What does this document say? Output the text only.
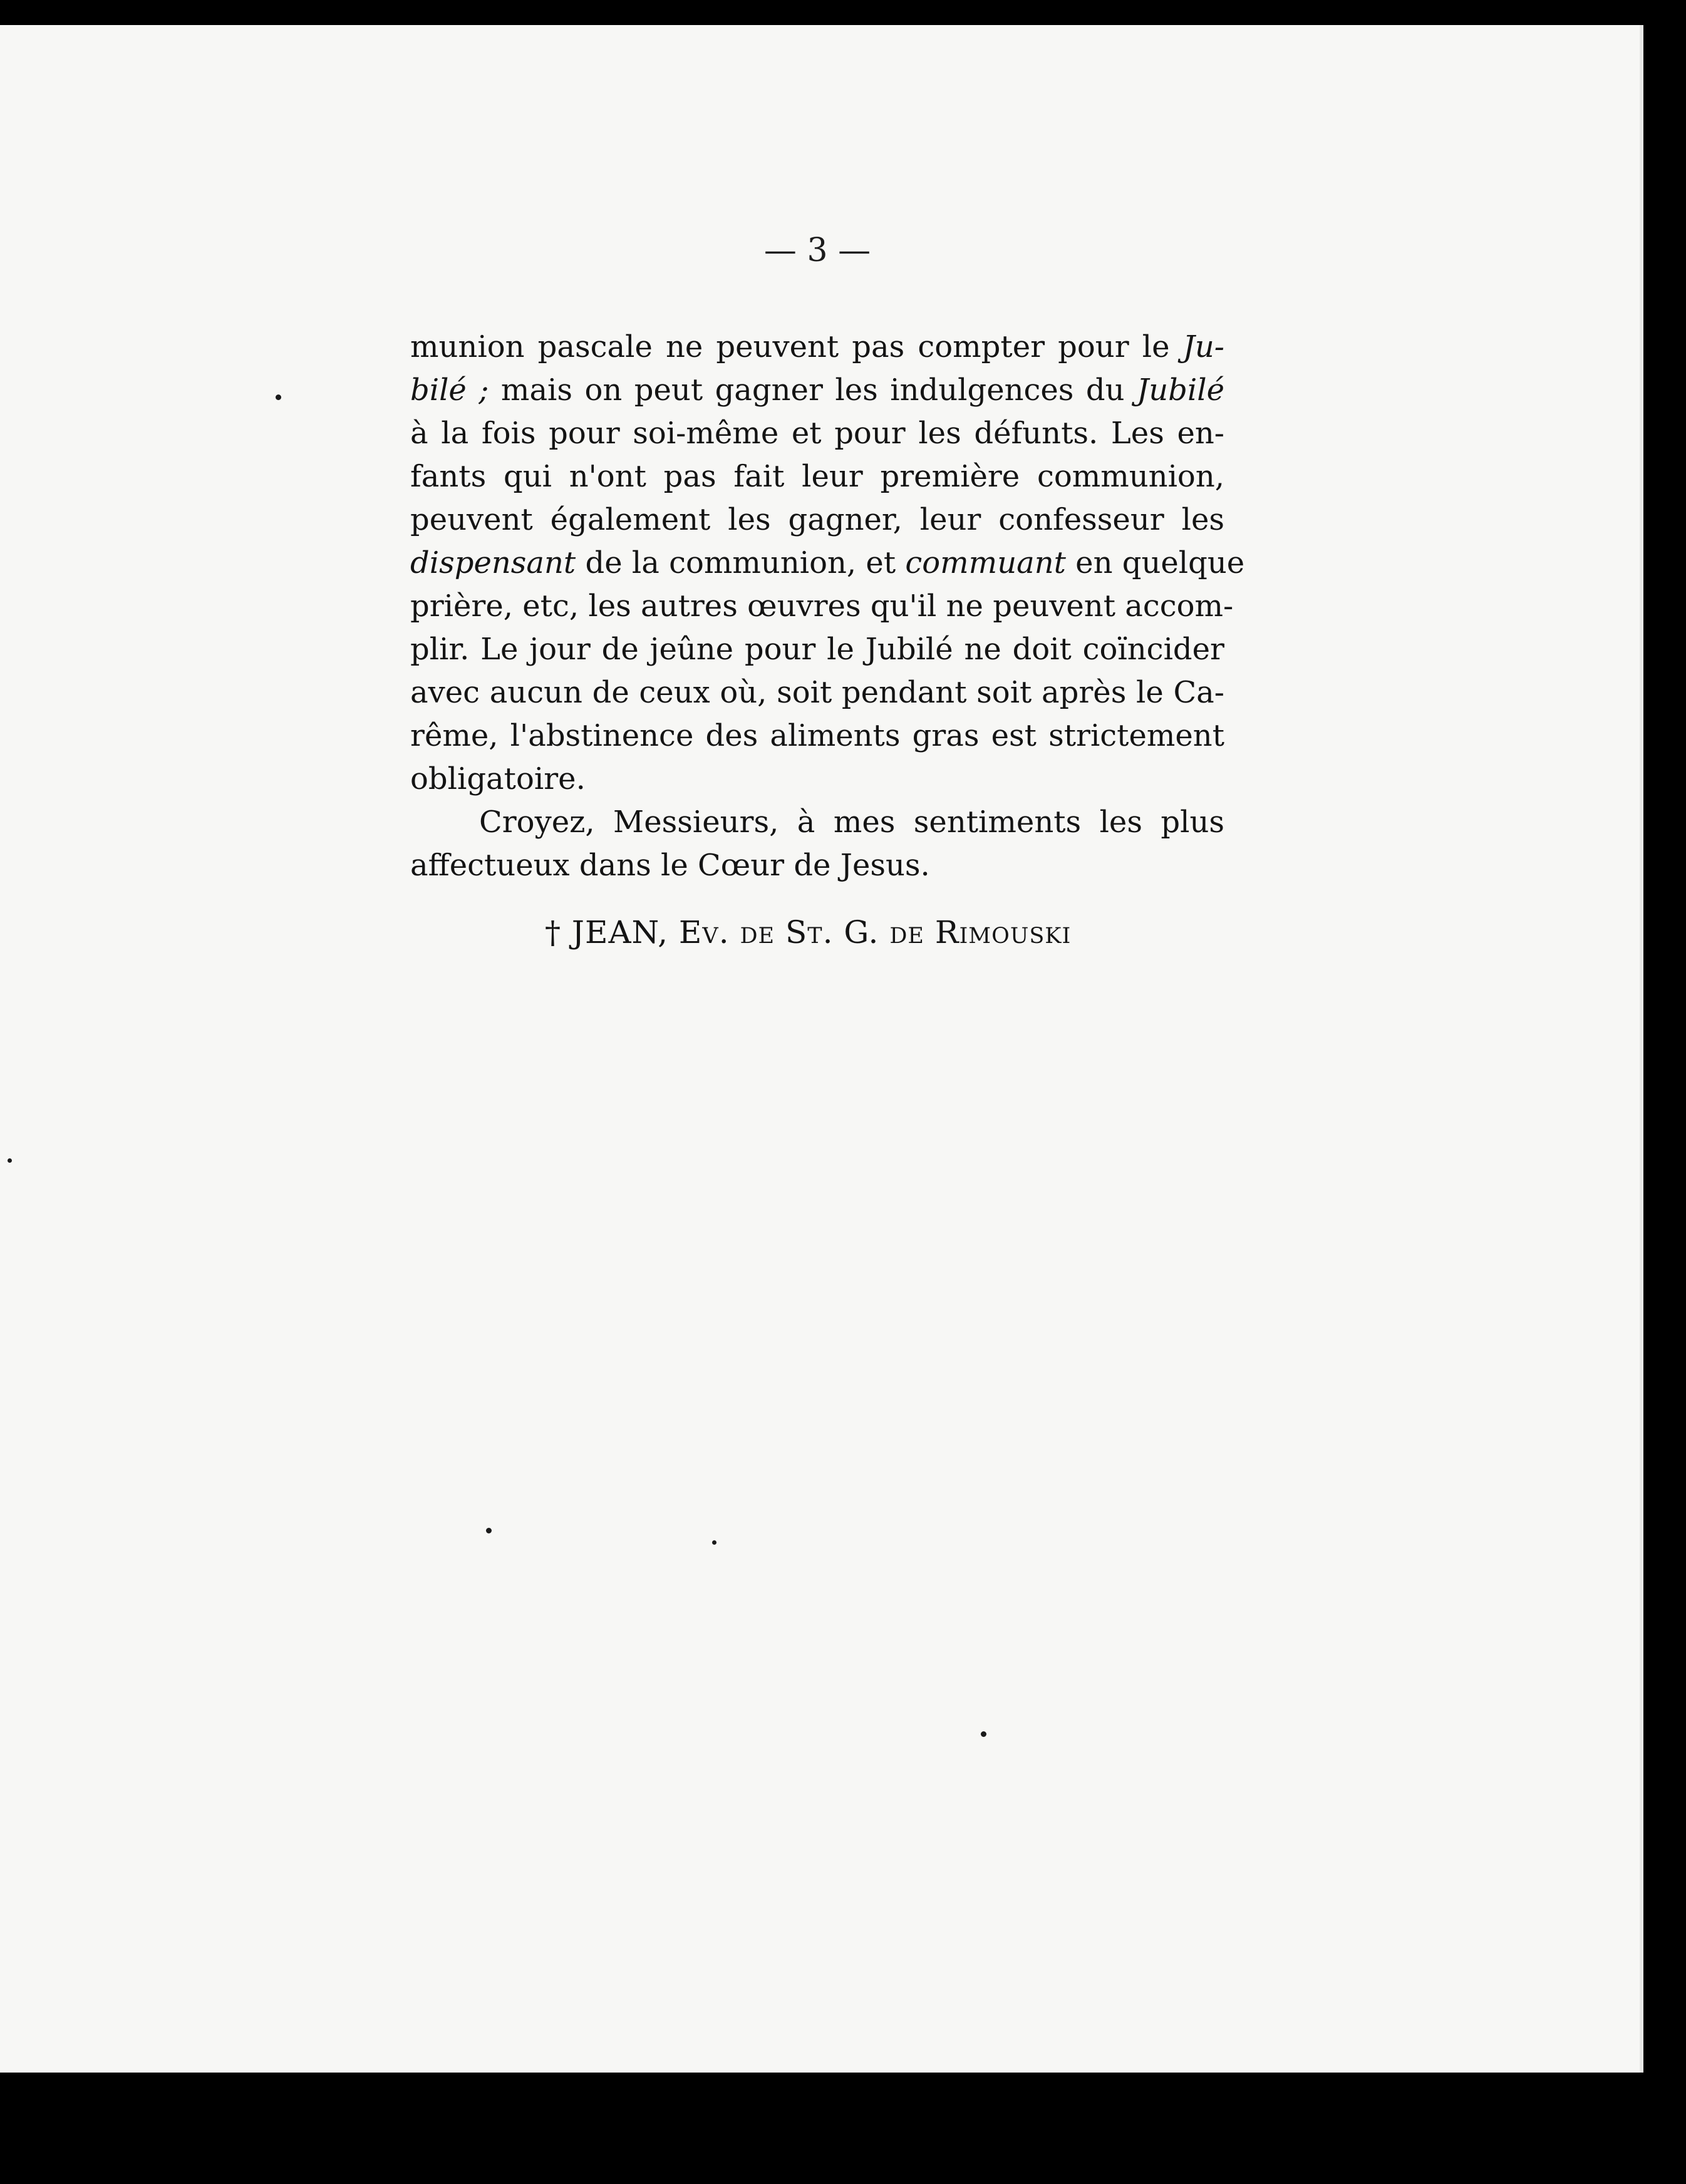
— 3 —
munion pascale ne peuvent pas compter pour le Ju-
bilé ; mais on peut gagner les indulgences du Jubilé
à la fois pour soi-même et pour les défunts. Les en-
fants qui n'ont pas fait leur première communion,
peuvent également les gagner, leur confesseur les
dispensant de la communion, et commuant en quelque
prière, etc, les autres œuvres qu'il ne peuvent accom-
plir. Le jour de jeûne pour le Jubilé ne doit coïncider
avec aucun de ceux où, soit pendant soit après le Ca-
rême, l'abstinence des aliments gras est strictement
obligatoire.
Croyez, Messieurs, à mes sentiments les plus
affectueux dans le Cœur de Jesus.
† JEAN, Ev. de St. G. de Rimouski
